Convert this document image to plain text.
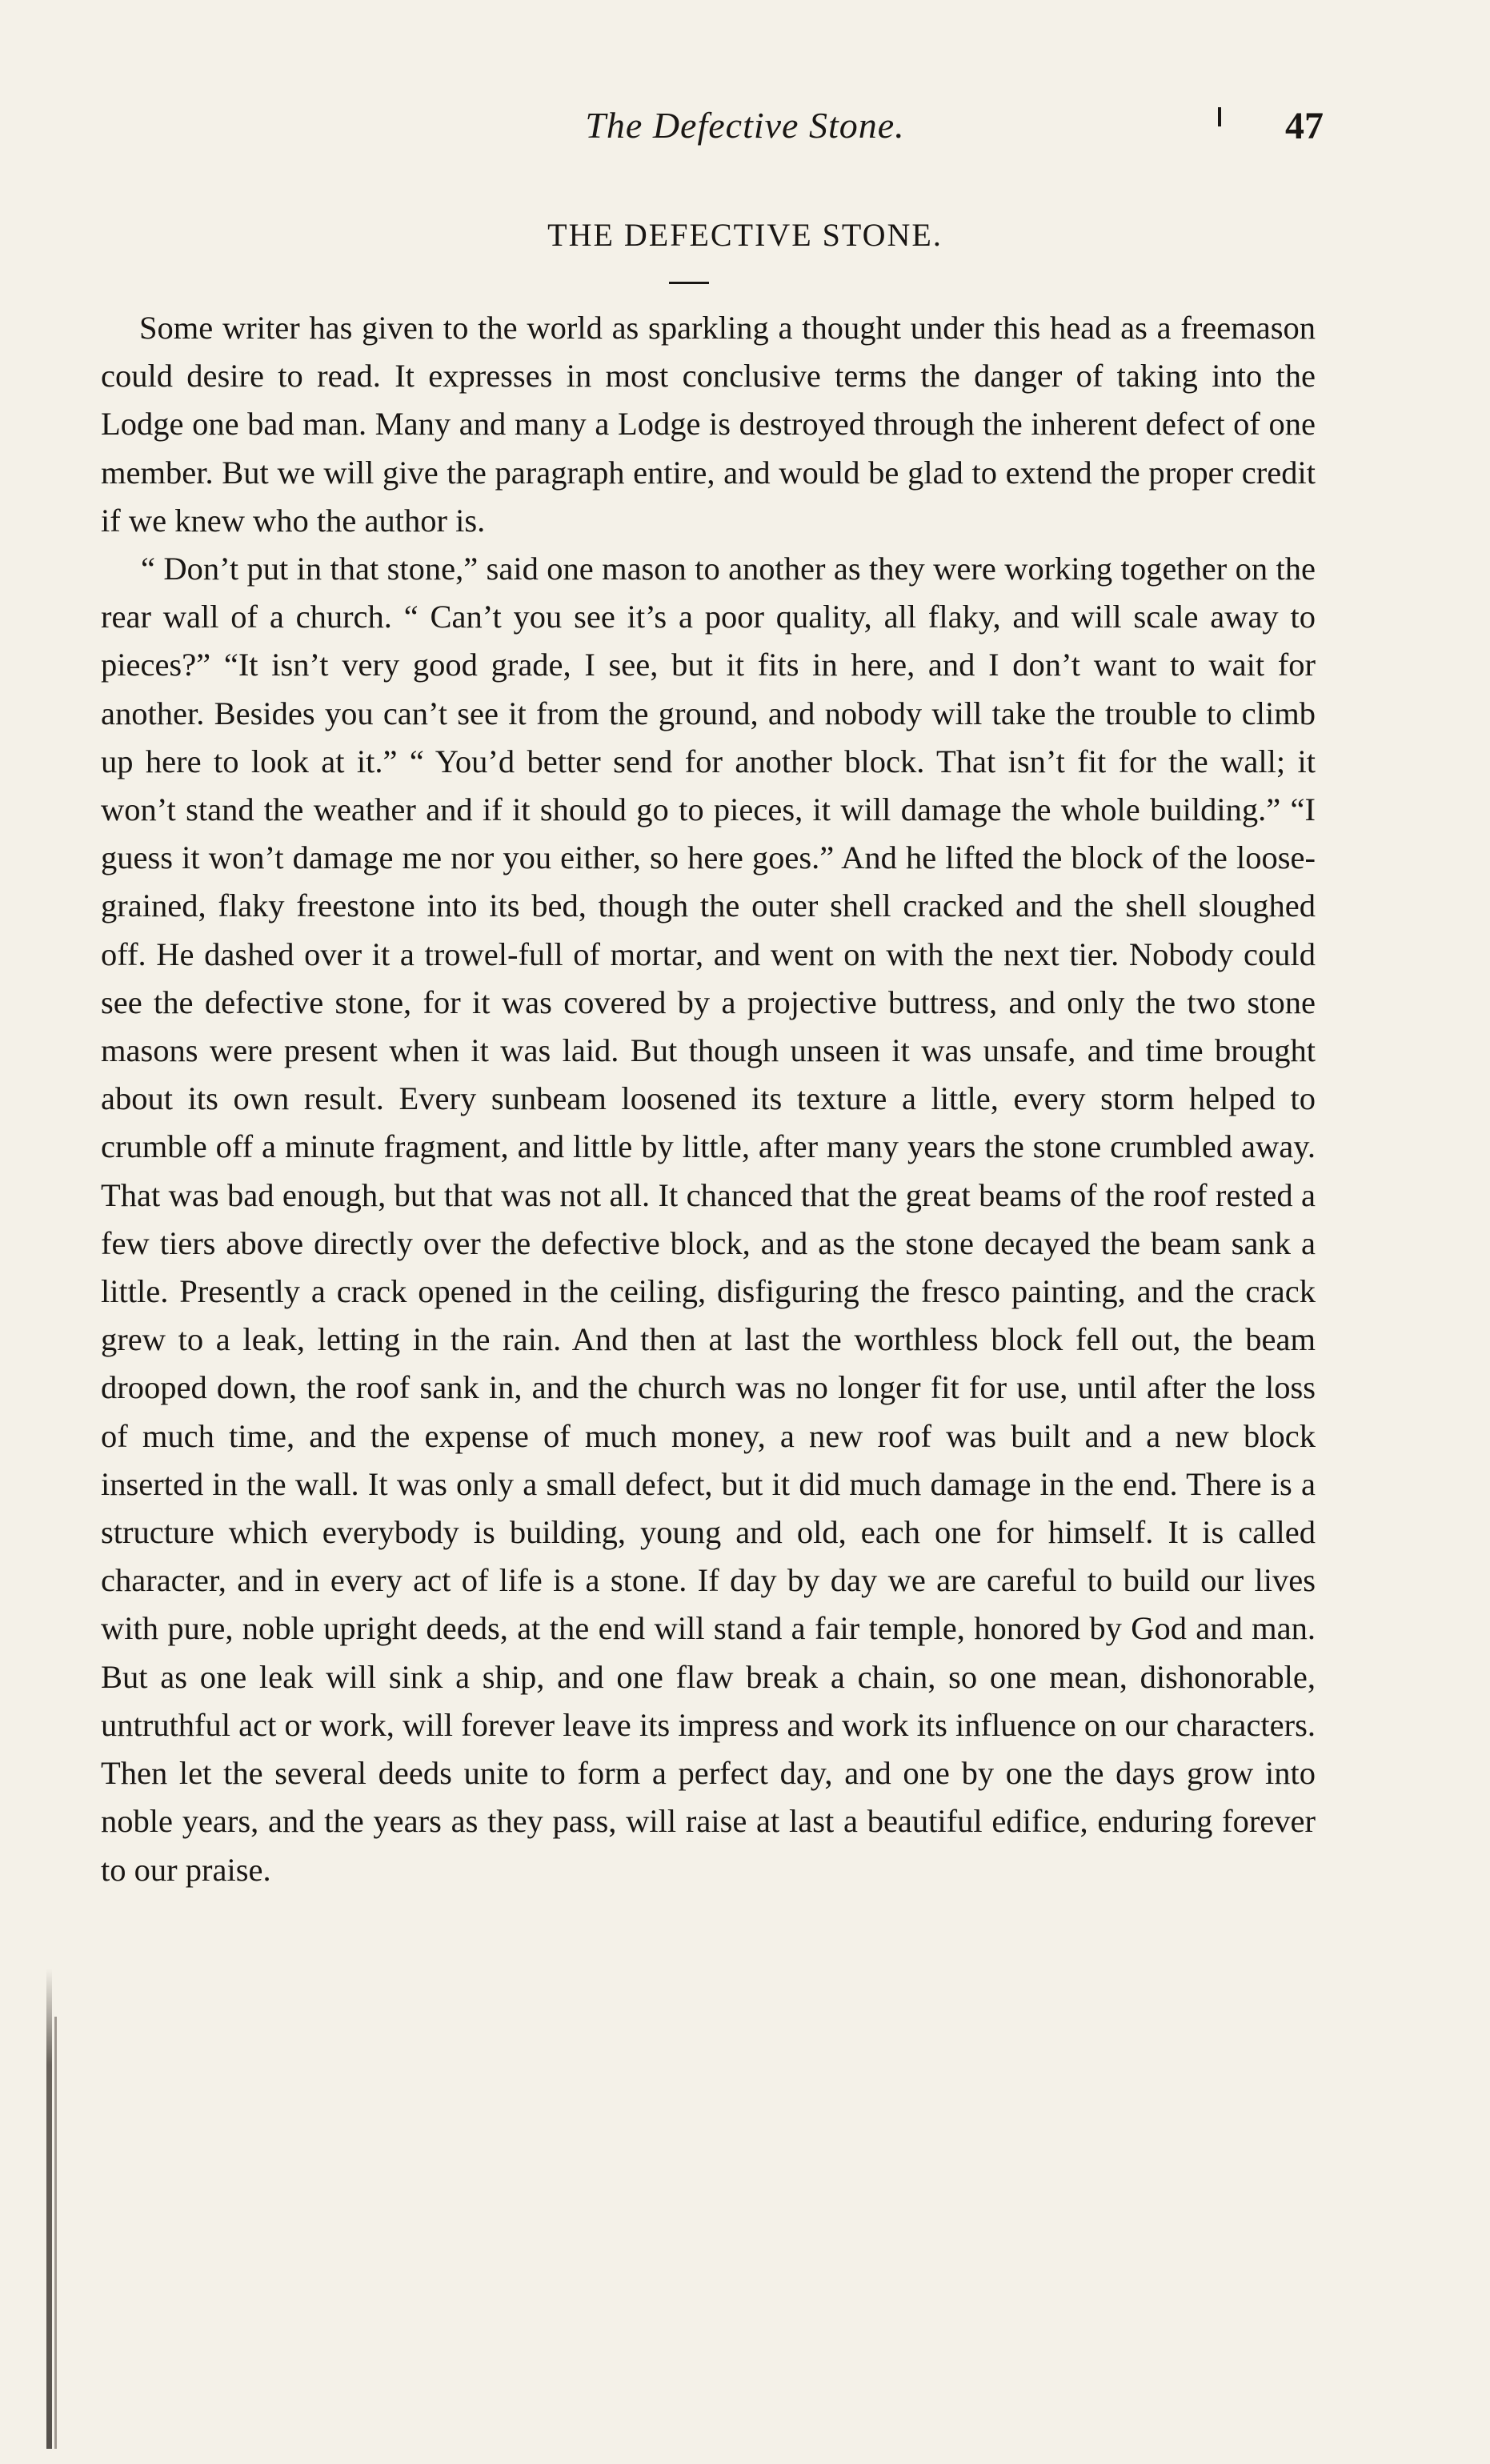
The Defective Stone.	47
THE DEFECTIVE STONE.

Some writer has given to the world as sparkling a thought under this head as a freemason could desire to read. It expresses in most conclusive terms the danger of taking into the Lodge one bad man. Many and many a Lodge is destroyed through the inherent defect of one member. But we will give the paragraph entire, and would be glad to extend the proper credit if we knew who the author is.

“ Don’t put in that stone,” said one mason to another as they were working together on the rear wall of a church. “ Can’t you see it’s a poor quality, all flaky, and will scale away to pieces?” “It isn’t very good grade, I see, but it fits in here, and I don’t want to wait for another. Besides you can’t see it from the ground, and nobody will take the trouble to climb up here to look at it.” “ You’d better send for another block. That isn’t fit for the wall; it won’t stand the weather and if it should go to pieces, it will damage the whole building.” “I guess it won’t damage me nor you either, so here goes.” And he lifted the block of the loose-grained, flaky freestone into its bed, though the outer shell cracked and the shell sloughed off. He dashed over it a trowel-full of mortar, and went on with the next tier. Nobody could see the defective stone, for it was covered by a projective buttress, and only the two stone masons were present when it was laid. But though unseen it was unsafe, and time brought about its own result. Every sunbeam loosened its texture a little, every storm helped to crumble off a minute fragment, and little by little, after many years the stone crumbled away. That was bad enough, but that was not all. It chanced that the great beams of the roof rested a few tiers above directly over the defective block, and as the stone decayed the beam sank a little. Presently a crack opened in the ceiling, disfiguring the fresco painting, and the crack grew to a leak, letting in the rain. And then at last the worthless block fell out, the beam drooped down, the roof sank in, and the church was no longer fit for use, until after the loss of much time, and the expense of much money, a new roof was built and a new block inserted in the wall. It was only a small defect, but it did much damage in the end. There is a structure which everybody is building, young and old, each one for himself. It is called character, and in every act of life is a stone. If day by day we are careful to build our lives with pure, noble upright deeds, at the end will stand a fair temple, honored by God and man. But as one leak will sink a ship, and one flaw break a chain, so one mean, dishonorable, untruthful act or work, will forever leave its impress and work its influence on our characters. Then let the several deeds unite to form a perfect day, and one by one the days grow into noble years, and the years as they pass, will raise at last a beautiful edifice, enduring forever to our praise.
